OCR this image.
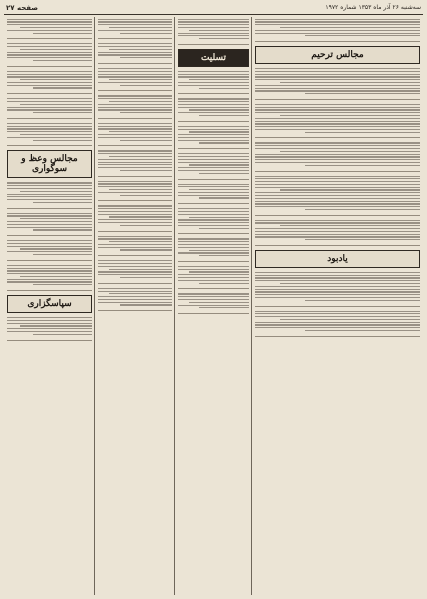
صفحه ۲۷	سه‌شنبه ۲۶ آذر ماه ۱۳۵۳ شماره ۱۹۷۲
مجالس ترحیم
یادبود
تسلیت
مجالس وعظ و سوگواری
سپاسگزاری
